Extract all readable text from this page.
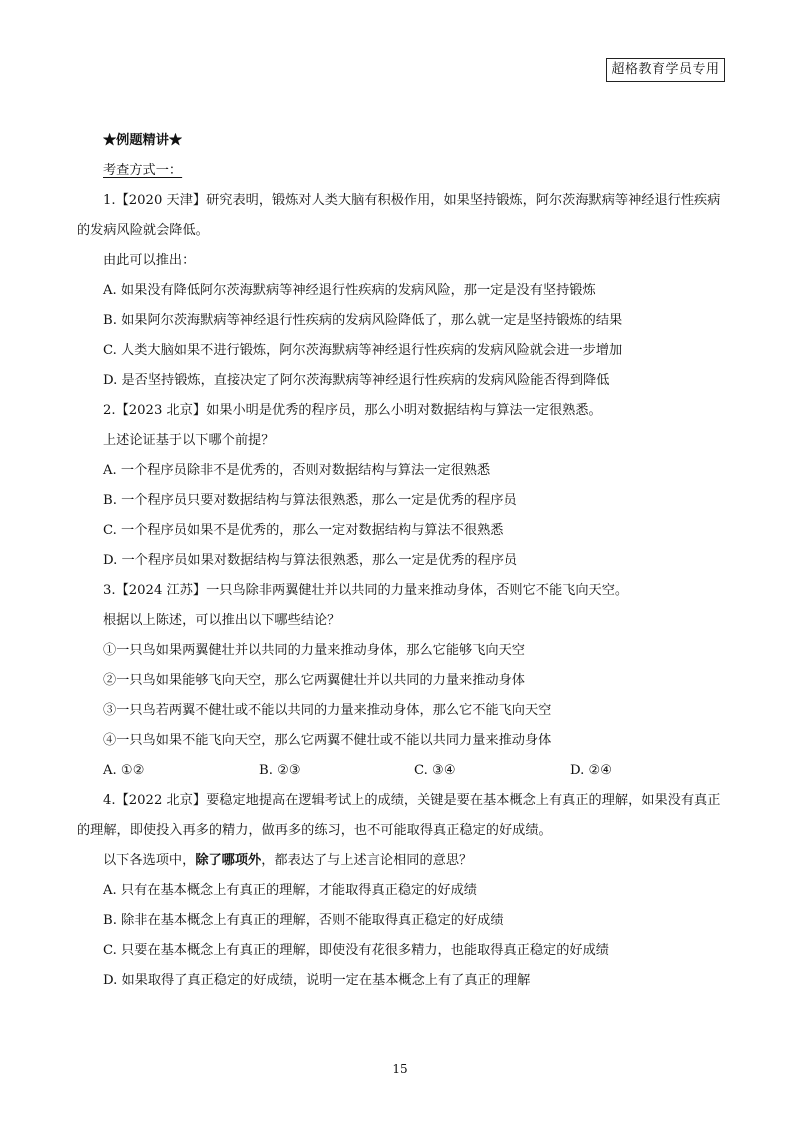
超格教育学员专用
★例题精讲★
考查方式一：
1.【2020 天津】研究表明，锻炼对人类大脑有积极作用，如果坚持锻炼，阿尔茨海默病等神经退行性疾病
的发病风险就会降低。
由此可以推出：
A. 如果没有降低阿尔茨海默病等神经退行性疾病的发病风险，那一定是没有坚持锻炼
B. 如果阿尔茨海默病等神经退行性疾病的发病风险降低了，那么就一定是坚持锻炼的结果
C. 人类大脑如果不进行锻炼，阿尔茨海默病等神经退行性疾病的发病风险就会进一步增加
D. 是否坚持锻炼，直接决定了阿尔茨海默病等神经退行性疾病的发病风险能否得到降低
2.【2023 北京】如果小明是优秀的程序员，那么小明对数据结构与算法一定很熟悉。
上述论证基于以下哪个前提？
A. 一个程序员除非不是优秀的，否则对数据结构与算法一定很熟悉
B. 一个程序员只要对数据结构与算法很熟悉，那么一定是优秀的程序员
C. 一个程序员如果不是优秀的，那么一定对数据结构与算法不很熟悉
D. 一个程序员如果对数据结构与算法很熟悉，那么一定是优秀的程序员
3.【2024 江苏】一只鸟除非两翼健壮并以共同的力量来推动身体，否则它不能飞向天空。
根据以上陈述，可以推出以下哪些结论？
①一只鸟如果两翼健壮并以共同的力量来推动身体，那么它能够飞向天空
②一只鸟如果能够飞向天空，那么它两翼健壮并以共同的力量来推动身体
③一只鸟若两翼不健壮或不能以共同的力量来推动身体，那么它不能飞向天空
④一只鸟如果不能飞向天空，那么它两翼不健壮或不能以共同力量来推动身体
A. ①②	B. ②③	C. ③④	D. ②④
4.【2022 北京】要稳定地提高在逻辑考试上的成绩，关键是要在基本概念上有真正的理解，如果没有真正
的理解，即使投入再多的精力，做再多的练习，也不可能取得真正稳定的好成绩。
以下各选项中，除了哪项外，都表达了与上述言论相同的意思？
A. 只有在基本概念上有真正的理解，才能取得真正稳定的好成绩
B. 除非在基本概念上有真正的理解，否则不能取得真正稳定的好成绩
C. 只要在基本概念上有真正的理解，即使没有花很多精力，也能取得真正稳定的好成绩
D. 如果取得了真正稳定的好成绩，说明一定在基本概念上有了真正的理解
15
